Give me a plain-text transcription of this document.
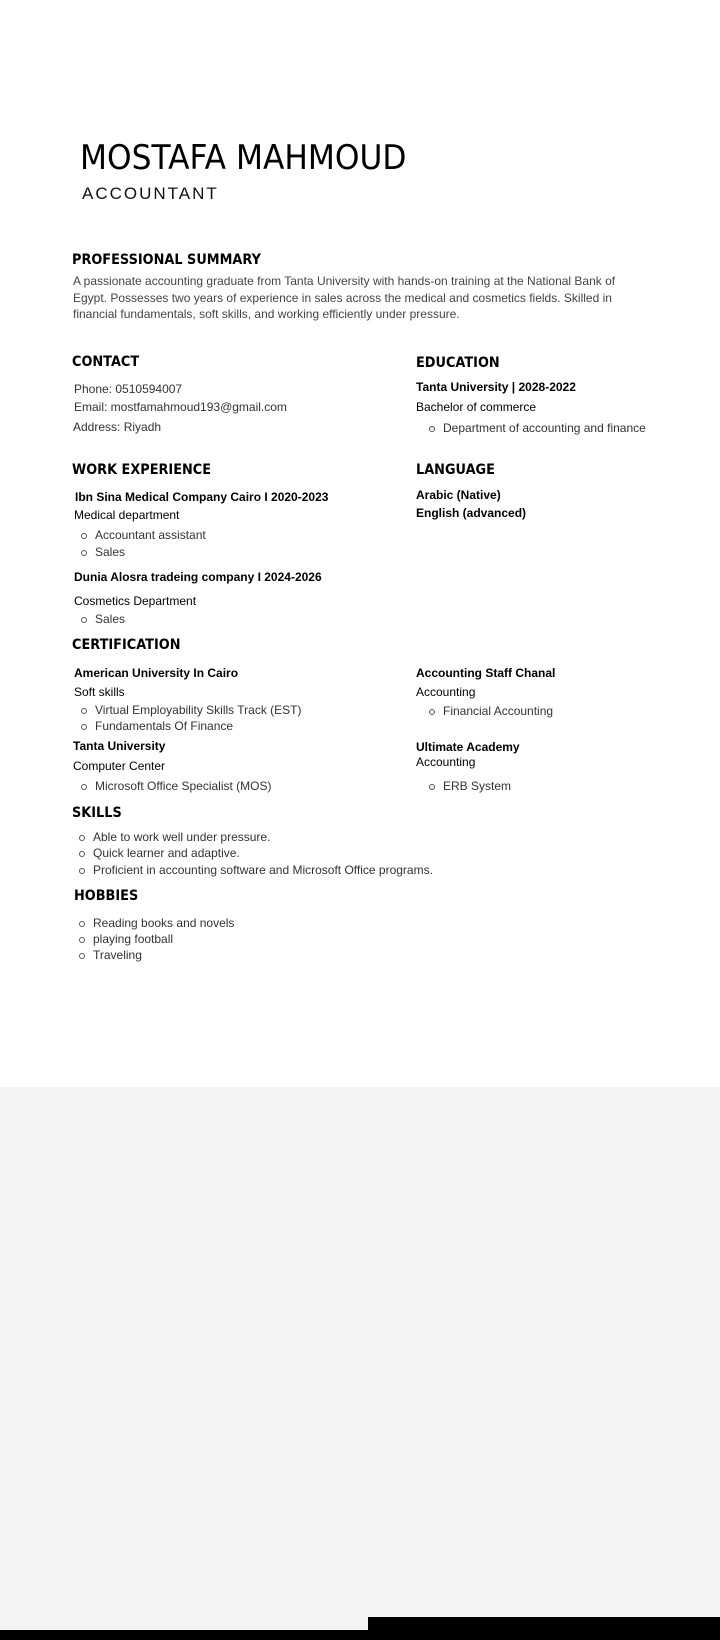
MOSTAFA MAHMOUD
ACCOUNTANT
PROFESSIONAL SUMMARY
A passionate accounting graduate from Tanta University with hands-on training at the National Bank of Egypt. Possesses two years of experience in sales across the medical and cosmetics fields. Skilled in financial fundamentals, soft skills, and working efficiently under pressure.
CONTACT
Phone: 0510594007
Email: mostfamahmoud193@gmail.com
Address: Riyadh
EDUCATION
Tanta University | 2028-2022
Bachelor of commerce
Department of accounting and finance
WORK EXPERIENCE
Ibn Sina Medical Company Cairo I 2020-2023
Medical department
Accountant assistant
Sales
Dunia Alosra tradeing company I 2024-2026
Cosmetics Department
Sales
LANGUAGE
Arabic (Native)
English (advanced)
CERTIFICATION
American University In Cairo
Soft skills
Virtual Employability Skills Track (EST)
Fundamentals Of Finance
Tanta University
Computer Center
Microsoft Office Specialist (MOS)
Accounting Staff Chanal
Accounting
Financial Accounting
Ultimate Academy
Accounting
ERB System
SKILLS
Able to work well under pressure.
Quick learner and adaptive.
Proficient in accounting software and Microsoft Office programs.
HOBBIES
Reading books and novels
playing football
Traveling
